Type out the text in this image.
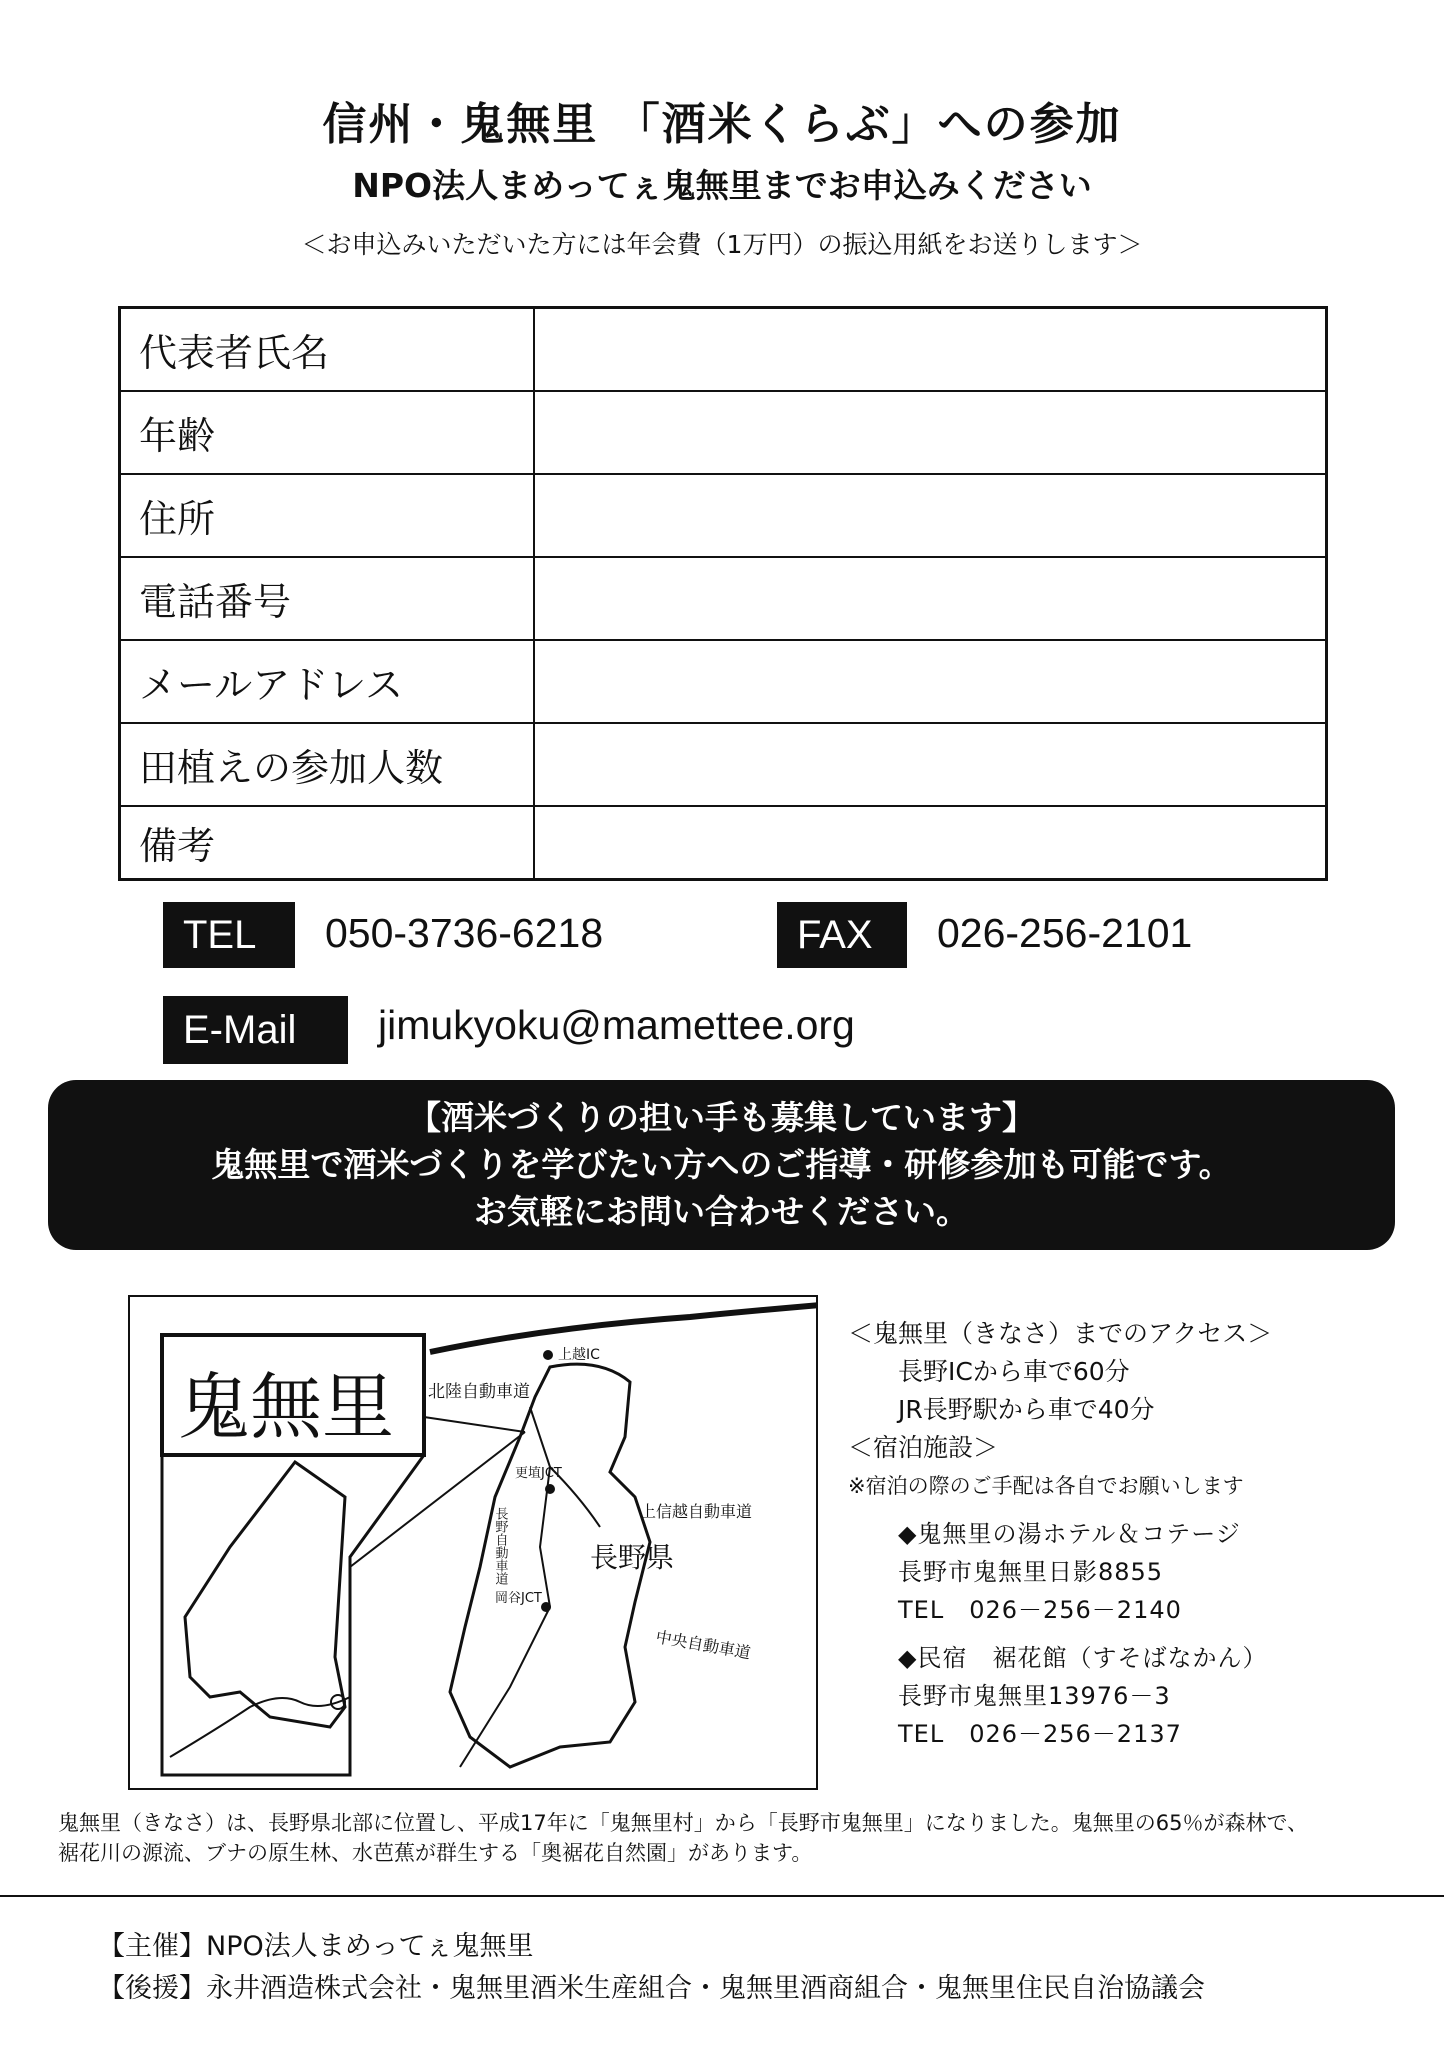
信州・鬼無里 「酒米くらぶ」への参加
NPO法人まめってぇ鬼無里までお申込みください
＜お申込みいただいた方には年会費（1万円）の振込用紙をお送りします＞
代表者氏名	
年齢	
住所	
電話番号	
メールアドレス	
田植えの参加人数	
備考	
TEL	050-3736-6218	FAX	026-256-2101
E-Mail	jimukyoku@mamettee.org
【酒米づくりの担い手も募集しています】
鬼無里で酒米づくりを学びたい方へのご指導・研修参加も可能です。
お気軽にお問い合わせください。
鬼無里
長野県
北陸自動車道
上越IC
上信越自動車道
中央自動車道
更埴JCT
岡谷JCT
長野自動車道
＜鬼無里（きなさ）までのアクセス＞
長野ICから車で60分
JR長野駅から車で40分
＜宿泊施設＞
※宿泊の際のご手配は各自でお願いします
◆鬼無里の湯ホテル＆コテージ
長野市鬼無里日影8855
TEL　026－256－2140
◆民宿　裾花館（すそばなかん）
長野市鬼無里13976－3
TEL　026－256－2137
鬼無里（きなさ）は、長野県北部に位置し、平成17年に「鬼無里村」から「長野市鬼無里」になりました。鬼無里の65％が森林で、
裾花川の源流、ブナの原生林、水芭蕉が群生する「奥裾花自然園」があります。
【主催】NPO法人まめってぇ鬼無里
【後援】永井酒造株式会社・鬼無里酒米生産組合・鬼無里酒商組合・鬼無里住民自治協議会
